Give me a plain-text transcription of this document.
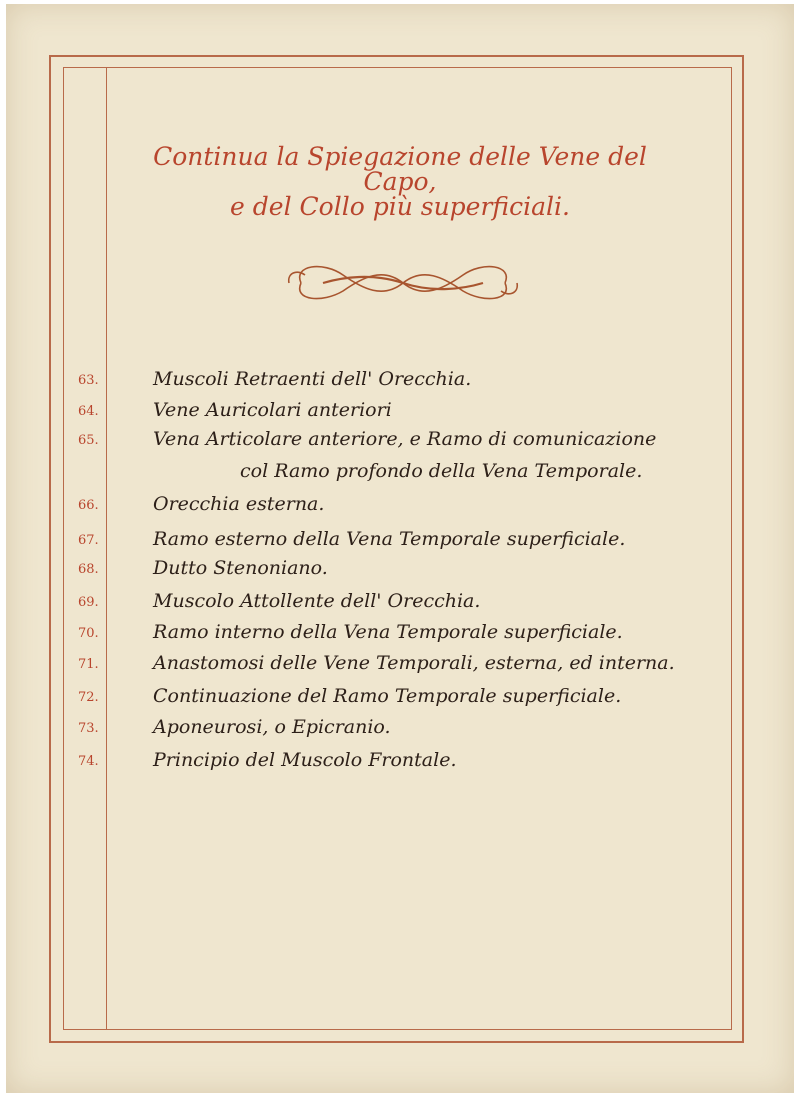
Continua la Spiegazione delle Vene del Capo,
e del Collo più superficiali.
63.	Muscoli Retraenti dell' Orecchia.
64.	Vene Auricolari anteriori
65.	Vena Articolare anteriore, e Ramo di comunicazione
col Ramo profondo della Vena Temporale.
66.	Orecchia esterna.
67.	Ramo esterno della Vena Temporale superficiale.
68.	Dutto Stenoniano.
69.	Muscolo Attollente dell' Orecchia.
70.	Ramo interno della Vena Temporale superficiale.
71.	Anastomosi delle Vene Temporali, esterna, ed interna.
72.	Continuazione del Ramo Temporale superficiale.
73.	Aponeurosi, o Epicranio.
74.	Principio del Muscolo Frontale.
